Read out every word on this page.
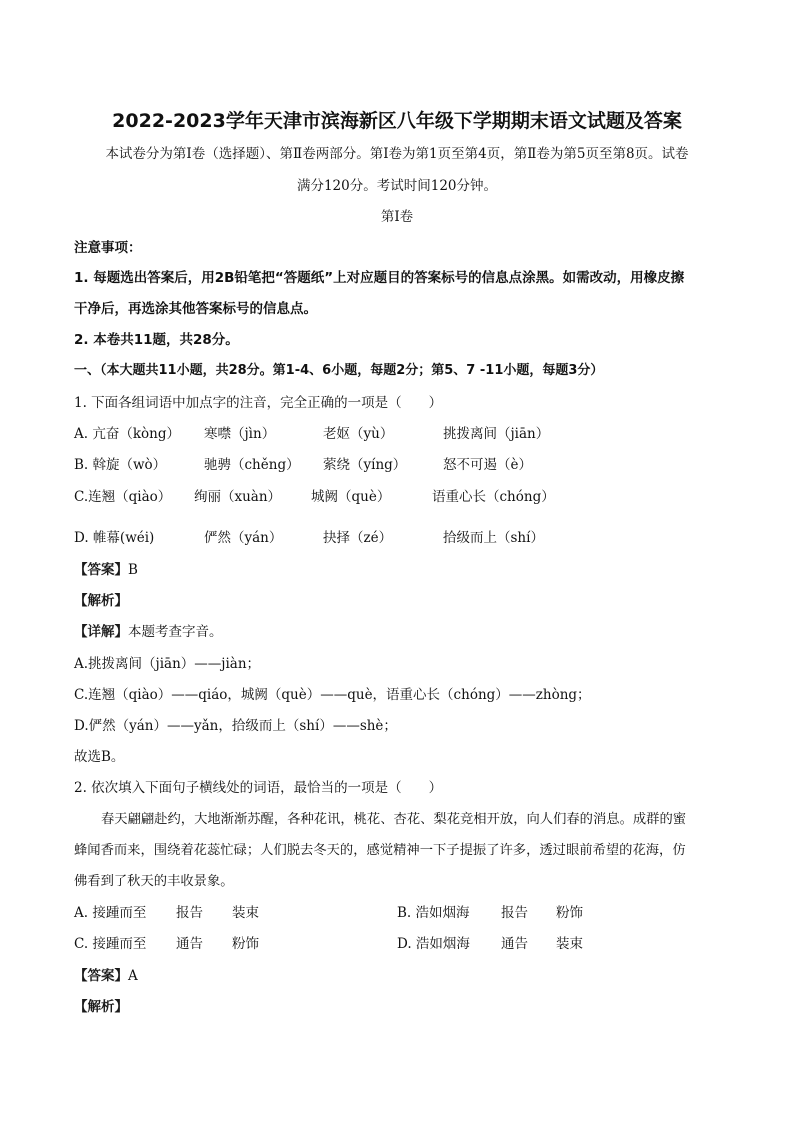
2022-2023学年天津市滨海新区八年级下学期期末语文试题及答案
本试卷分为第Ⅰ卷（选择题）、第Ⅱ卷两部分。第Ⅰ卷为第1页至第4页，第Ⅱ卷为第5页至第8页。试卷
满分120分。考试时间120分钟。
第Ⅰ卷
注意事项：
1. 每题选出答案后，用2B铅笔把“答题纸”上对应题目的答案标号的信息点涂黑。如需改动，用橡皮擦
干净后，再选涂其他答案标号的信息点。
2. 本卷共11题，共28分。
一、（本大题共11小题，共28分。第1-4、6小题，每题2分；第5、7 -11小题，每题3分）
1. 下面各组词语中加点字的注音，完全正确的一项是（　　）
A. 亢奋（kòng） 寒噤（jìn）	老妪（yù）	挑拨离间（jiān）
B. 斡旋（wò）	驰骋（chěng） 萦绕（yíng）	怒不可遏（è）
C.连翘（qiào） 绚丽（xuàn） 城阙（què）	语重心长（chóng）
D. 帷幕(wéi)	俨然（yán）	抉择（zé）	拾级而上（shí）
【答案】B
【解析】
【详解】本题考查字音。
A.挑拨离间（jiān）——jiàn；
C.连翘（qiào）——qiáo，城阙（què）——què，语重心长（chóng）——zhòng；
D.俨然（yán）——yǎn，拾级而上（shí）——shè；
故选B。
2. 依次填入下面句子横线处的词语，最恰当的一项是（　　）
春天翩翩赴约，大地渐渐苏醒，各种花讯，桃花、杏花、梨花竞相开放，向人们春的消息。成群的蜜
蜂闻香而来，围绕着花蕊忙碌；人们脱去冬天的，感觉精神一下子提振了许多，透过眼前希望的花海，仿
佛看到了秋天的丰收景象。
A. 接踵而至 报告 装束	B. 浩如烟海 报告 粉饰
C. 接踵而至 通告 粉饰	D. 浩如烟海 通告 装束
【答案】A
【解析】
